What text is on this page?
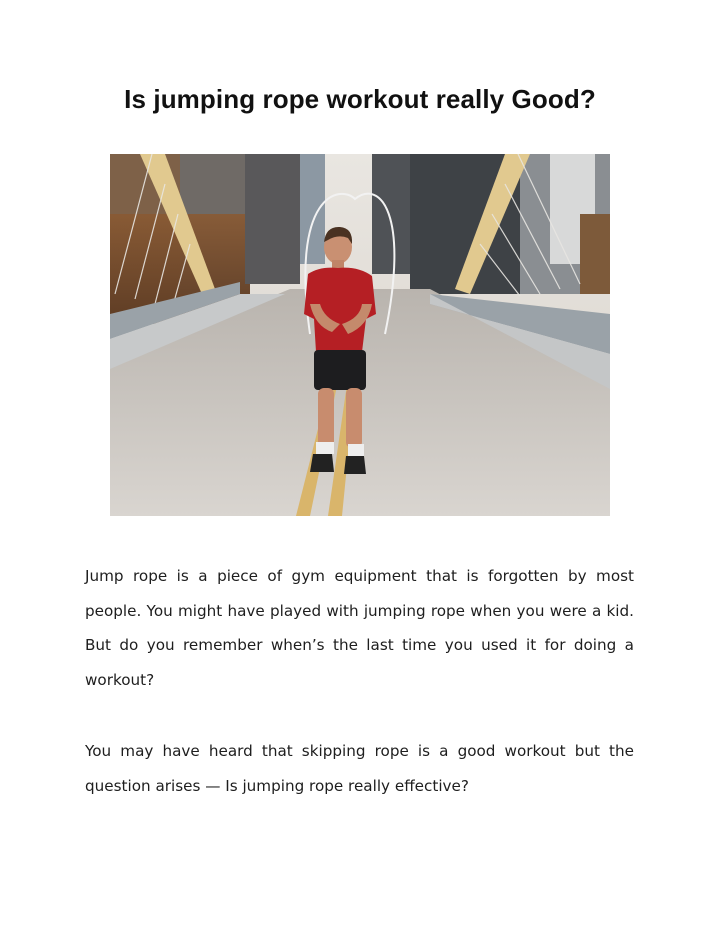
Is jumping rope workout really Good?

Jump rope is a piece of gym equipment that is forgotten by most people. You might have played with jumping rope when you were a kid. But do you remember when’s the last time you used it for doing a workout?

You may have heard that skipping rope is a good workout but the question arises — Is jumping rope really effective?
